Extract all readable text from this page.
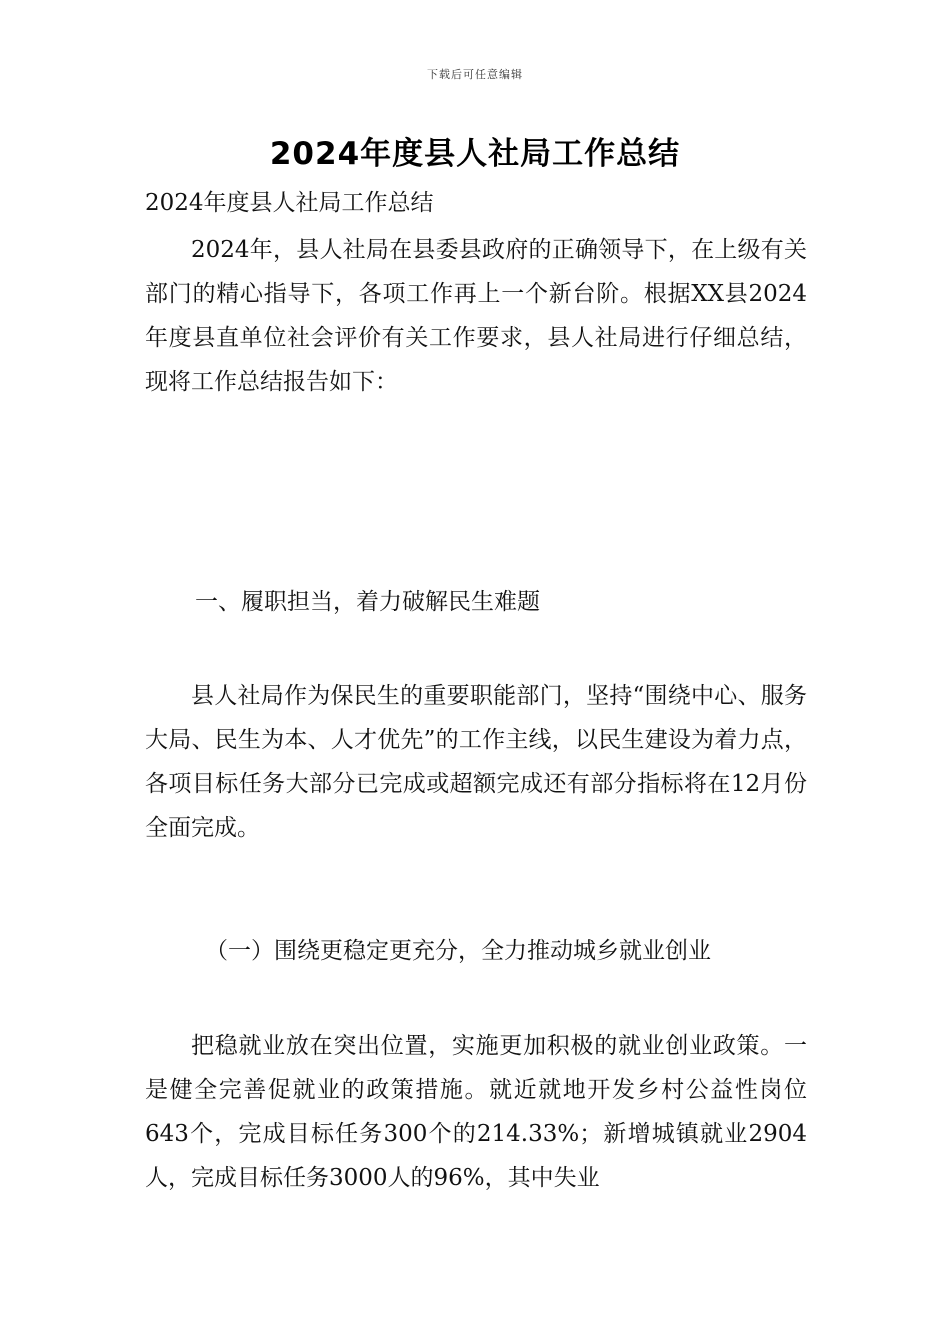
下载后可任意编辑
2024年度县人社局工作总结

2024年度县人社局工作总结

2024年，县人社局在县委县政府的正确领导下，在上级有关部门的精心指导下，各项工作再上一个新台阶。根据XX县2024年度县直单位社会评价有关工作要求，县人社局进行仔细总结，现将工作总结报告如下：

一、履职担当，着力破解民生难题

县人社局作为保民生的重要职能部门，坚持“围绕中心、服务大局、民生为本、人才优先”的工作主线，以民生建设为着力点，各项目标任务大部分已完成或超额完成还有部分指标将在12月份全面完成。

（一）围绕更稳定更充分，全力推动城乡就业创业

把稳就业放在突出位置，实施更加积极的就业创业政策。一是健全完善促就业的政策措施。就近就地开发乡村公益性岗位643个，完成目标任务300个的214.33%；新增城镇就业2904人，完成目标任务3000人的96%，其中失业
